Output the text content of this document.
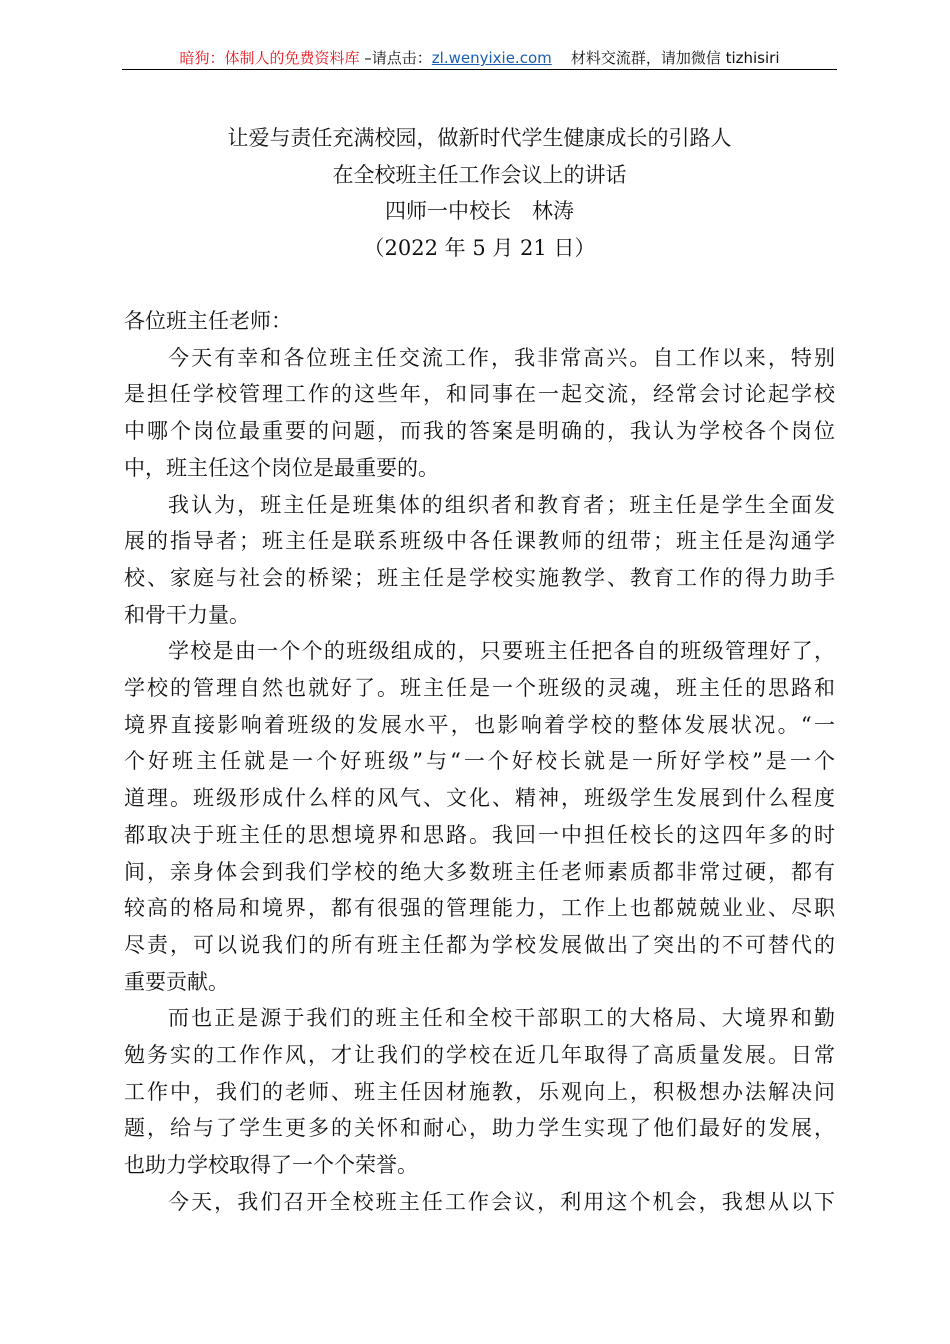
暗狗：体制人的免费资料库 –请点击：zl.wenyixie.com 材料交流群，请加微信 tizhisiri
让爱与责任充满校园，做新时代学生健康成长的引路人
在全校班主任工作会议上的讲话
四师一中校长　林涛
（2022 年 5 月 21 日）
各位班主任老师：
今天有幸和各位班主任交流工作，我非常高兴。自工作以来，特别
是担任学校管理工作的这些年，和同事在一起交流，经常会讨论起学校
中哪个岗位最重要的问题，而我的答案是明确的，我认为学校各个岗位
中，班主任这个岗位是最重要的。
我认为，班主任是班集体的组织者和教育者；班主任是学生全面发
展的指导者；班主任是联系班级中各任课教师的纽带；班主任是沟通学
校、家庭与社会的桥梁；班主任是学校实施教学、教育工作的得力助手
和骨干力量。
学校是由一个个的班级组成的，只要班主任把各自的班级管理好了，
学校的管理自然也就好了。班主任是一个班级的灵魂，班主任的思路和
境界直接影响着班级的发展水平，也影响着学校的整体发展状况。“一
个好班主任就是一个好班级”与“一个好校长就是一所好学校”是一个
道理。班级形成什么样的风气、文化、精神，班级学生发展到什么程度
都取决于班主任的思想境界和思路。我回一中担任校长的这四年多的时
间，亲身体会到我们学校的绝大多数班主任老师素质都非常过硬，都有
较高的格局和境界，都有很强的管理能力，工作上也都兢兢业业、尽职
尽责，可以说我们的所有班主任都为学校发展做出了突出的不可替代的
重要贡献。
而也正是源于我们的班主任和全校干部职工的大格局、大境界和勤
勉务实的工作作风，才让我们的学校在近几年取得了高质量发展。日常
工作中，我们的老师、班主任因材施教，乐观向上，积极想办法解决问
题，给与了学生更多的关怀和耐心，助力学生实现了他们最好的发展，
也助力学校取得了一个个荣誉。
今天，我们召开全校班主任工作会议，利用这个机会，我想从以下
